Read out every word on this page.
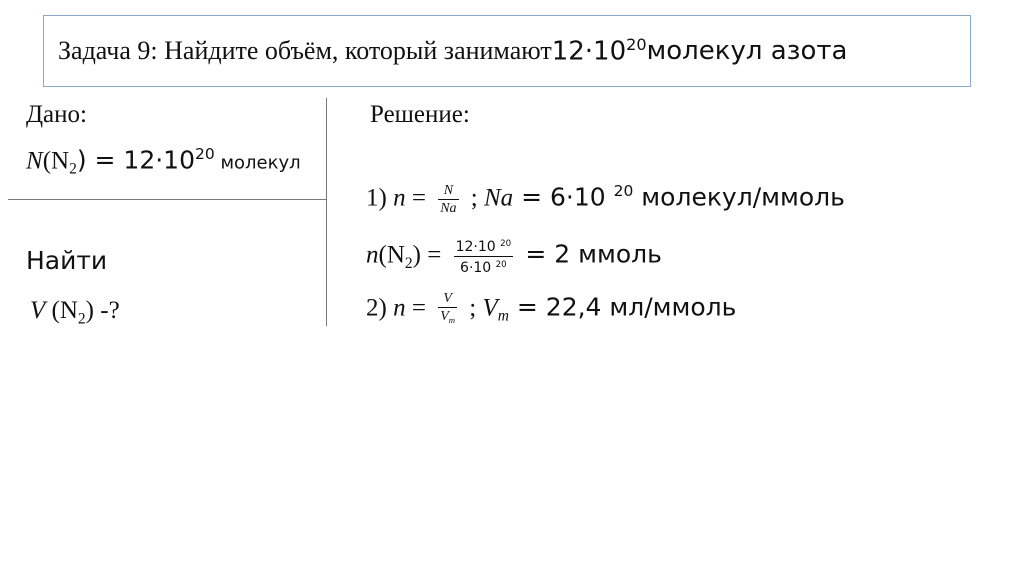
Задача 9: Найдите объём, который занимают $12\cdot 10^{20}$ молекул азота
Дано:
$N(N_2) = 12\cdot 10^{20}$ молекул
Найти
V $(N_2)$ -?
Решение:
1) $n = \frac{N}{Na}$ ; Na = 6·10 $^{20}$ молекул/ммоль
$n(N_2) = \frac{12\cdot 10 ^{20}}{6\cdot 10 ^{20}} = 2$ ммоль
2) $n = \frac{V}{V_m}$ ; $V_m = 22,4$ мл/ммоль
